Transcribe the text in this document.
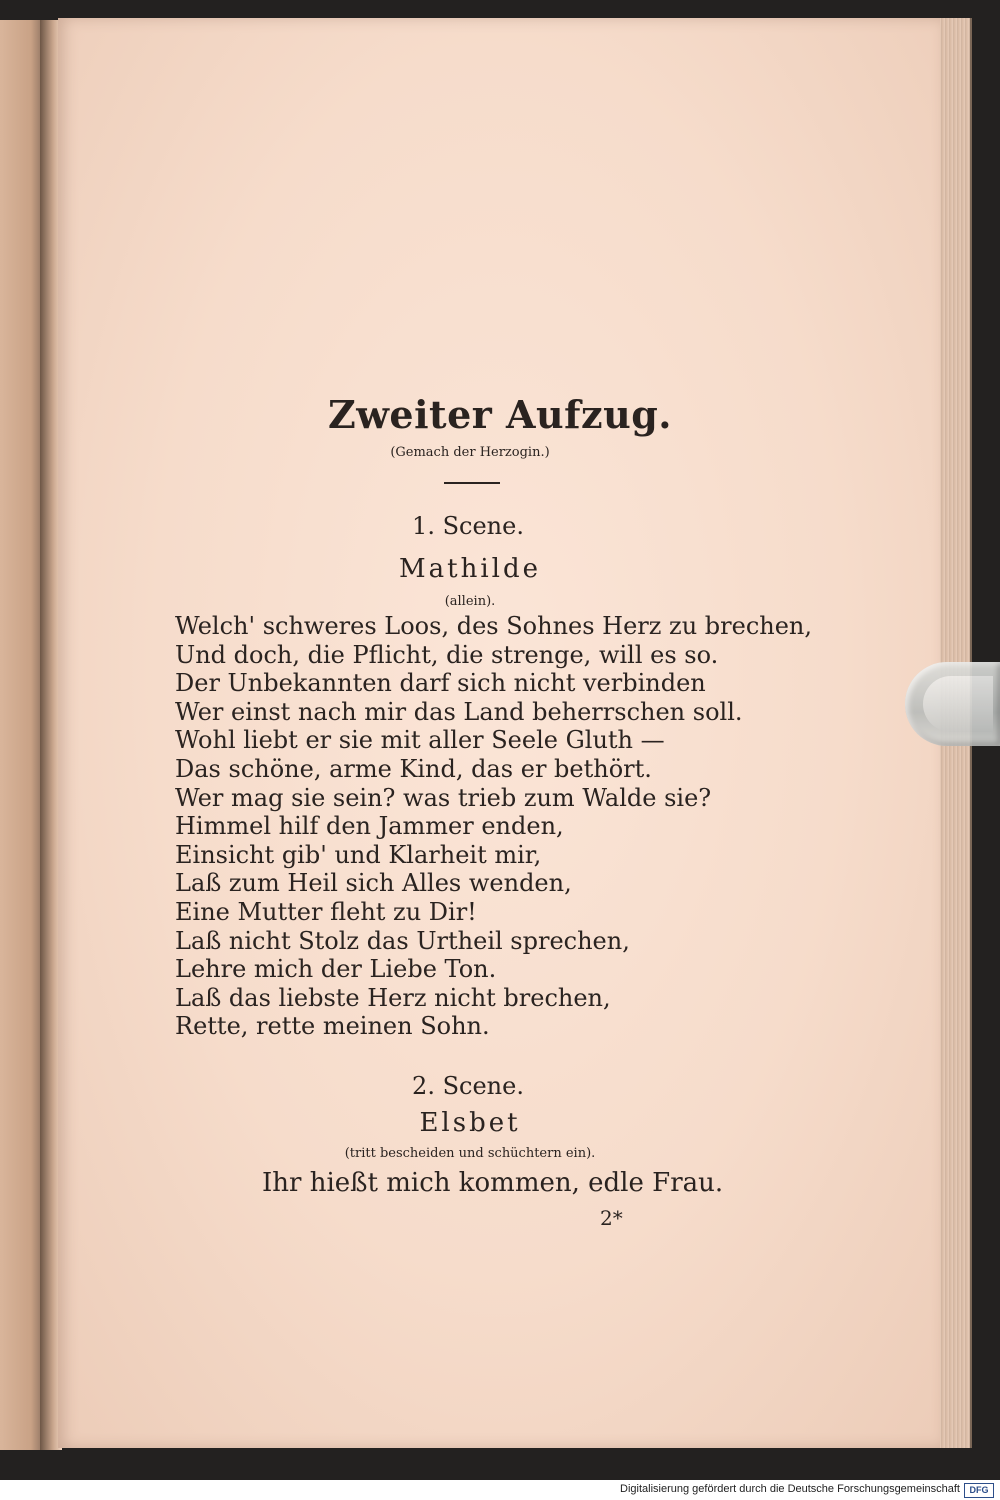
Zweiter Aufzug.
(Gemach der Herzogin.)
1. Scene.
Mathilde
(allein).
Welch' schweres Loos, des Sohnes Herz zu brechen,
Und doch, die Pflicht, die strenge, will es so.
Der Unbekannten darf sich nicht verbinden
Wer einst nach mir das Land beherrschen soll.
Wohl liebt er sie mit aller Seele Gluth —
Das schöne, arme Kind, das er bethört.
Wer mag sie sein? was trieb zum Walde sie?
Himmel hilf den Jammer enden,
Einsicht gib' und Klarheit mir,
Laß zum Heil sich Alles wenden,
Eine Mutter fleht zu Dir!
Laß nicht Stolz das Urtheil sprechen,
Lehre mich der Liebe Ton.
Laß das liebste Herz nicht brechen,
Rette, rette meinen Sohn.
2. Scene.
Elsbet
(tritt bescheiden und schüchtern ein).
Ihr hießt mich kommen, edle Frau.
2*
Digitalisierung gefördert durch die Deutsche Forschungsgemeinschaft	DFG
